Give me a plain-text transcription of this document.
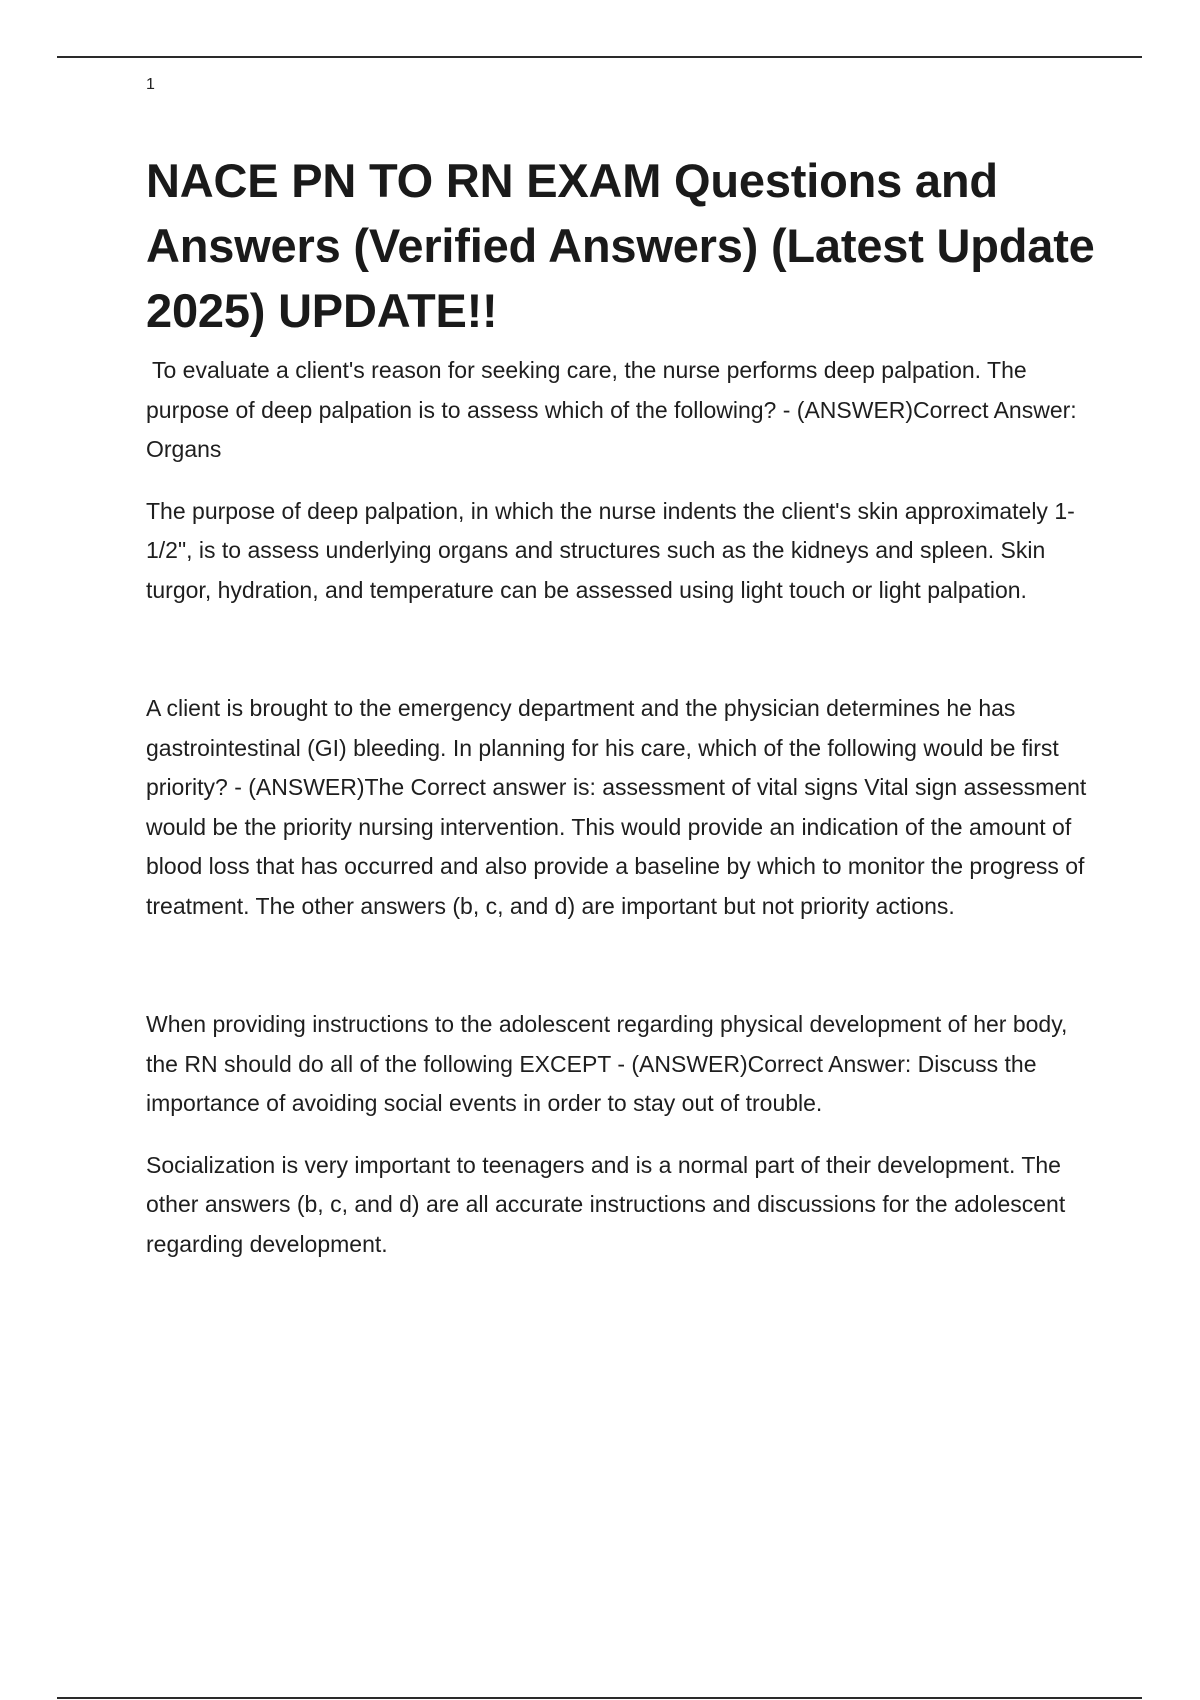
1
NACE PN TO RN EXAM Questions and Answers (Verified Answers) (Latest Update 2025) UPDATE!!

To evaluate a client's reason for seeking care, the nurse performs deep palpation. The purpose of deep palpation is to assess which of the following? - (ANSWER)Correct Answer: Organs

The purpose of deep palpation, in which the nurse indents the client's skin approximately 1-1/2", is to assess underlying organs and structures such as the kidneys and spleen. Skin turgor, hydration, and temperature can be assessed using light touch or light palpation.

A client is brought to the emergency department and the physician determines he has gastrointestinal (GI) bleeding. In planning for his care, which of the following would be first priority? - (ANSWER)The Correct answer is: assessment of vital signs Vital sign assessment would be the priority nursing intervention. This would provide an indication of the amount of blood loss that has occurred and also provide a baseline by which to monitor the progress of treatment. The other answers (b, c, and d) are important but not priority actions.

When providing instructions to the adolescent regarding physical development of her body, the RN should do all of the following EXCEPT - (ANSWER)Correct Answer: Discuss the importance of avoiding social events in order to stay out of trouble.

Socialization is very important to teenagers and is a normal part of their development. The other answers (b, c, and d) are all accurate instructions and discussions for the adolescent regarding development.
